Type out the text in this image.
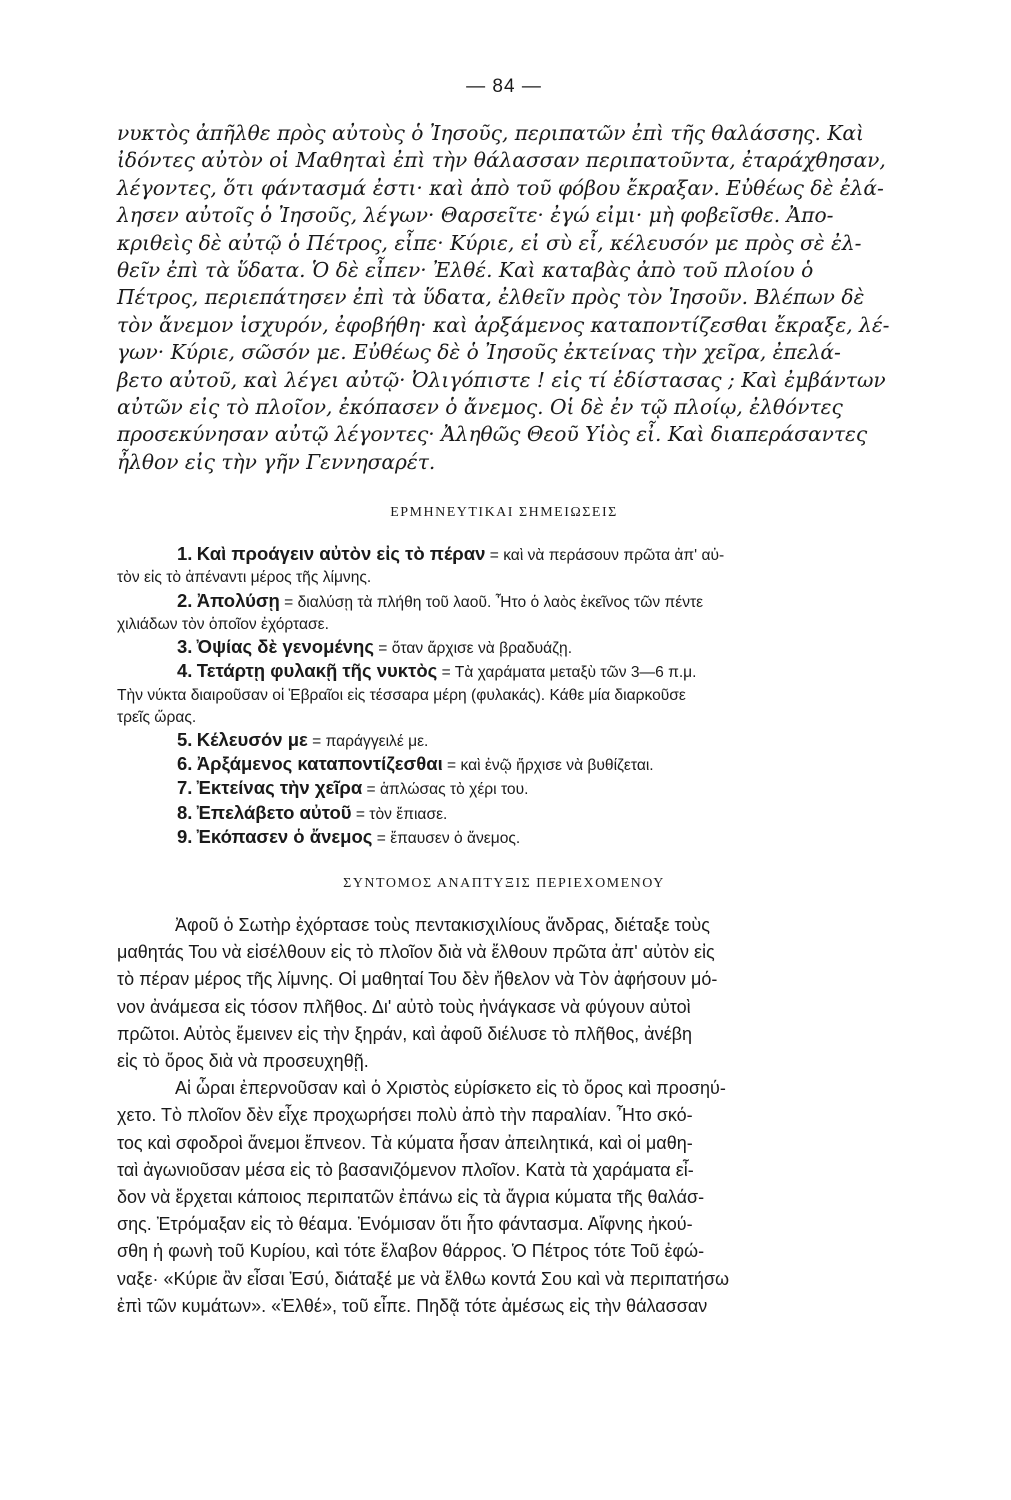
— 84 —
νυκτὸς ἀπῆλθε πρὸς αὐτοὺς ὁ Ἰησοῦς, περιπατῶν ἐπὶ τῆς θαλάσσης. Καὶ
ἰδόντες αὐτὸν οἱ Μαθηταὶ ἐπὶ τὴν θάλασσαν περιπατοῦντα, ἐταράχθησαν,
λέγοντες, ὅτι φάντασμά ἐστι· καὶ ἀπὸ τοῦ φόβου ἔκραξαν. Εὐθέως δὲ ἐλά-
λησεν αὐτοῖς ὁ Ἰησοῦς, λέγων· Θαρσεῖτε· ἐγώ εἰμι· μὴ φοβεῖσθε. Ἀπο-
κριθεὶς δὲ αὐτῷ ὁ Πέτρος, εἶπε· Κύριε, εἰ σὺ εἶ, κέλευσόν με πρὸς σὲ ἐλ-
θεῖν ἐπὶ τὰ ὕδατα. Ὁ δὲ εἶπεν· Ἐλθέ. Καὶ καταβὰς ἀπὸ τοῦ πλοίου ὁ
Πέτρος, περιεπάτησεν ἐπὶ τὰ ὕδατα, ἐλθεῖν πρὸς τὸν Ἰησοῦν. Βλέπων δὲ
τὸν ἄνεμον ἰσχυρόν, ἐφοβήθη· καὶ ἀρξάμενος καταποντίζεσθαι ἔκραξε, λέ-
γων· Κύριε, σῶσόν με. Εὐθέως δὲ ὁ Ἰησοῦς ἐκτείνας τὴν χεῖρα, ἐπελά-
βετο αὐτοῦ, καὶ λέγει αὐτῷ· Ὀλιγόπιστε ! εἰς τί ἐδίστασας ; Καὶ ἐμβάντων
αὐτῶν εἰς τὸ πλοῖον, ἐκόπασεν ὁ ἄνεμος. Οἱ δὲ ἐν τῷ πλοίῳ, ἐλθόντες
προσεκύνησαν αὐτῷ λέγοντες· Ἀληθῶς Θεοῦ Υἱὸς εἶ. Καὶ διαπεράσαντες
ἦλθον εἰς τὴν γῆν Γεννησαρέτ.
ΕΡΜΗΝΕΥΤΙΚΑΙ ΣΗΜΕΙΩΣΕΙΣ
1. Καὶ προάγειν αὐτὸν εἰς τὸ πέραν = καὶ νὰ περάσουν πρῶτα ἀπ' αὐ-
τὸν εἰς τὸ ἀπέναντι μέρος τῆς λίμνης.
2. Ἀπολύσῃ = διαλύσῃ τὰ πλήθη τοῦ λαοῦ. Ἦτο ὁ λαὸς ἐκεῖνος τῶν πέντε
χιλιάδων τὸν ὁποῖον ἐχόρτασε.
3. Ὀψίας δὲ γενομένης = ὅταν ἄρχισε νὰ βραδυάζῃ.
4. Τετάρτῃ φυλακῇ τῆς νυκτὸς = Τὰ χαράματα μεταξὺ τῶν 3—6 π.μ.
Τὴν νύκτα διαιροῦσαν οἱ Ἑβραῖοι εἰς τέσσαρα μέρη (φυλακάς). Κάθε μία διαρκοῦσε
τρεῖς ὥρας.
5. Κέλευσόν με = παράγγειλέ με.
6. Ἀρξάμενος καταποντίζεσθαι = καὶ ἐνῷ ἤρχισε νὰ βυθίζεται.
7. Ἐκτείνας τὴν χεῖρα = ἁπλώσας τὸ χέρι του.
8. Ἐπελάβετο αὐτοῦ = τὸν ἔπιασε.
9. Ἐκόπασεν ὁ ἄνεμος = ἔπαυσεν ὁ ἄνεμος.
ΣΥΝΤΟΜΟΣ ΑΝΑΠΤΥΞΙΣ ΠΕΡΙΕΧΟΜΕΝΟΥ
Ἀφοῦ ὁ Σωτὴρ ἐχόρτασε τοὺς πεντακισχιλίους ἄνδρας, διέταξε τοὺς
μαθητάς Του νὰ εἰσέλθουν εἰς τὸ πλοῖον διὰ νὰ ἔλθουν πρῶτα ἀπ' αὐτὸν εἰς
τὸ πέραν μέρος τῆς λίμνης. Οἱ μαθηταί Του δὲν ἤθελον νὰ Τὸν ἀφήσουν μό-
νον ἀνάμεσα εἰς τόσον πλῆθος. Δι' αὐτὸ τοὺς ἠνάγκασε νὰ φύγουν αὐτοὶ
πρῶτοι. Αὐτὸς ἔμεινεν εἰς τὴν ξηράν, καὶ ἀφοῦ διέλυσε τὸ πλῆθος, ἀνέβη
εἰς τὸ ὄρος διὰ νὰ προσευχηθῇ.
Αἱ ὧραι ἐπερνοῦσαν καὶ ὁ Χριστὸς εὑρίσκετο εἰς τὸ ὄρος καὶ προσηύ-
χετο. Τὸ πλοῖον δὲν εἶχε προχωρήσει πολὺ ἀπὸ τὴν παραλίαν. Ἦτο σκό-
τος καὶ σφοδροὶ ἄνεμοι ἔπνεον. Τὰ κύματα ἦσαν ἀπειλητικά, καὶ οἱ μαθη-
ταὶ ἀγωνιοῦσαν μέσα εἰς τὸ βασανιζόμενον πλοῖον. Κατὰ τὰ χαράματα εἶ-
δον νὰ ἔρχεται κάποιος περιπατῶν ἐπάνω εἰς τὰ ἄγρια κύματα τῆς θαλάσ-
σης. Ἐτρόμαξαν εἰς τὸ θέαμα. Ἐνόμισαν ὅτι ἦτο φάντασμα. Αἴφνης ἠκού-
σθη ἡ φωνὴ τοῦ Κυρίου, καὶ τότε ἔλαβον θάρρος. Ὁ Πέτρος τότε Τοῦ ἐφώ-
ναξε· «Κύριε ἂν εἶσαι Ἐσύ, διάταξέ με νὰ ἔλθω κοντά Σου καὶ νὰ περιπατήσω
ἐπὶ τῶν κυμάτων». «Ἐλθέ», τοῦ εἶπε. Πηδᾷ τότε ἀμέσως εἰς τὴν θάλασσαν
